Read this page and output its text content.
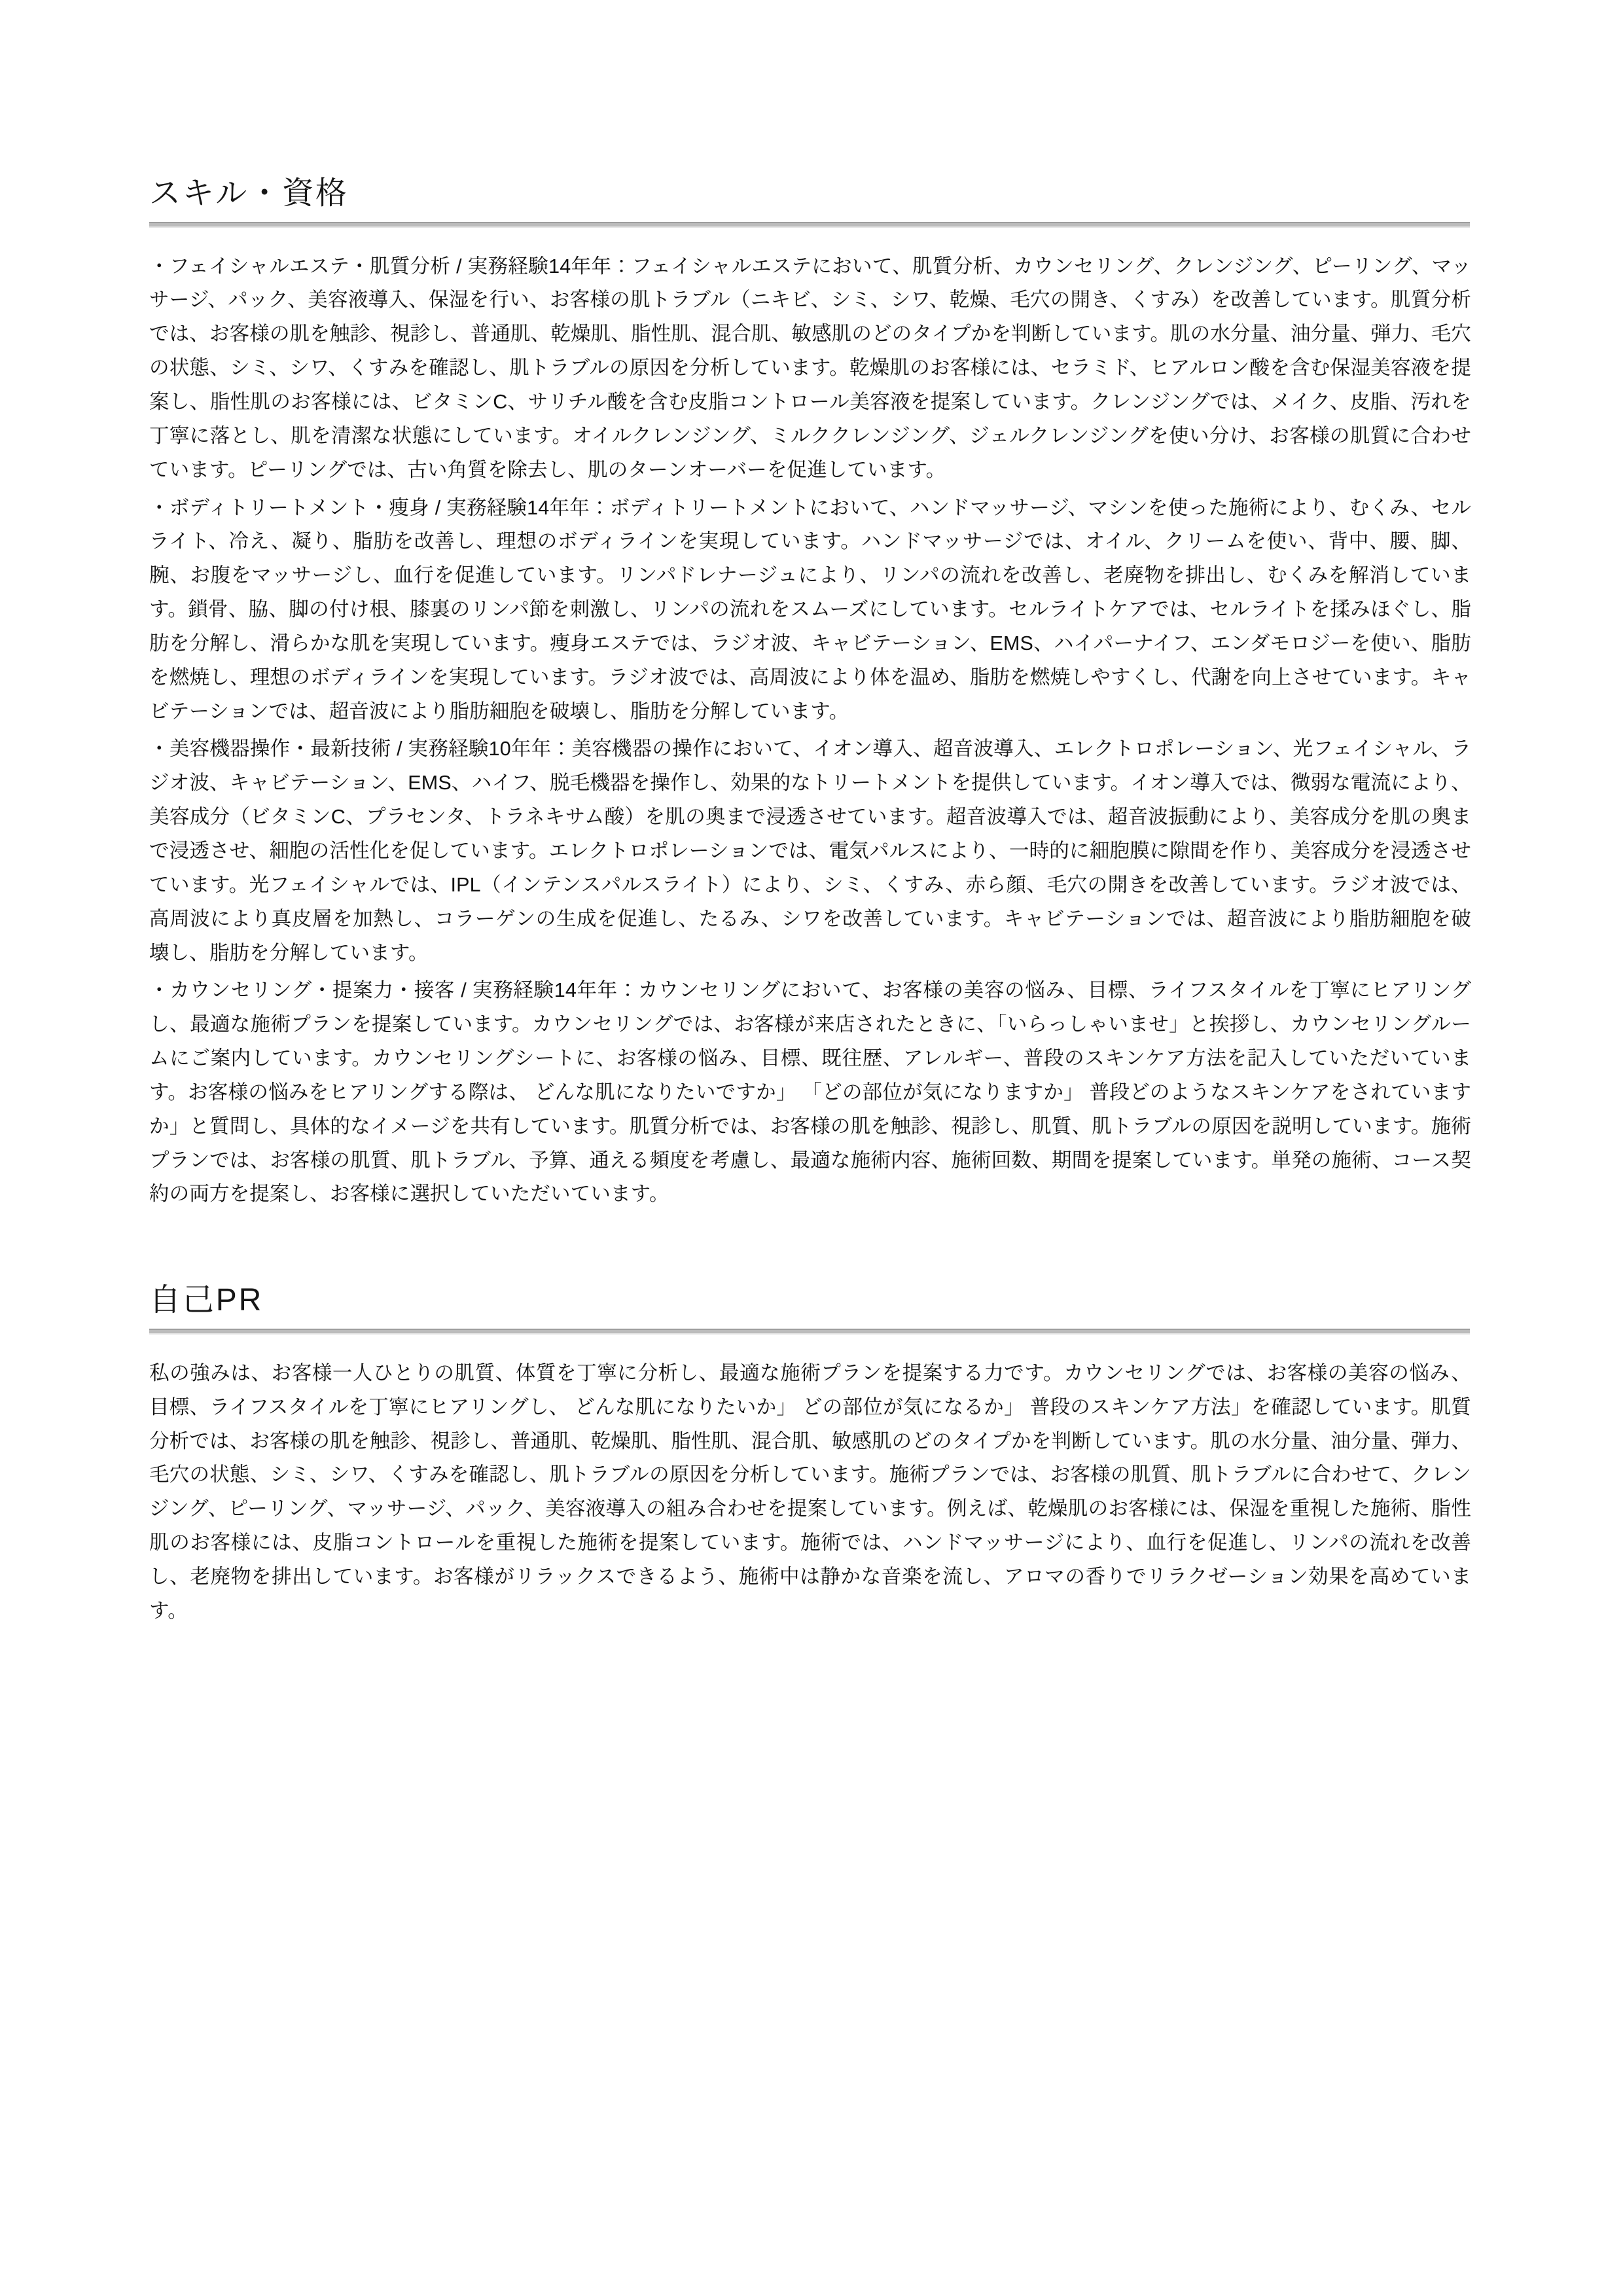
スキル・資格

・フェイシャルエステ・肌質分析 / 実務経験14年年：フェイシャルエステにおいて、肌質分析、カウンセリング、クレンジング、ピーリング、マッサージ、パック、美容液導入、保湿を行い、お客様の肌トラブル（ニキビ、シミ、シワ、乾燥、毛穴の開き、くすみ）を改善しています。肌質分析では、お客様の肌を触診、視診し、普通肌、乾燥肌、脂性肌、混合肌、敏感肌のどのタイプかを判断しています。肌の水分量、油分量、弾力、毛穴の状態、シミ、シワ、くすみを確認し、肌トラブルの原因を分析しています。乾燥肌のお客様には、セラミド、ヒアルロン酸を含む保湿美容液を提案し、脂性肌のお客様には、ビタミンC、サリチル酸を含む皮脂コントロール美容液を提案しています。クレンジングでは、メイク、皮脂、汚れを丁寧に落とし、肌を清潔な状態にしています。オイルクレンジング、ミルククレンジング、ジェルクレンジングを使い分け、お客様の肌質に合わせています。ピーリングでは、古い角質を除去し、肌のターンオーバーを促進しています。

・ボディトリートメント・痩身 / 実務経験14年年：ボディトリートメントにおいて、ハンドマッサージ、マシンを使った施術により、むくみ、セルライト、冷え、凝り、脂肪を改善し、理想のボディラインを実現しています。ハンドマッサージでは、オイル、クリームを使い、背中、腰、脚、腕、お腹をマッサージし、血行を促進しています。リンパドレナージュにより、リンパの流れを改善し、老廃物を排出し、むくみを解消しています。鎖骨、脇、脚の付け根、膝裏のリンパ節を刺激し、リンパの流れをスムーズにしています。セルライトケアでは、セルライトを揉みほぐし、脂肪を分解し、滑らかな肌を実現しています。痩身エステでは、ラジオ波、キャビテーション、EMS、ハイパーナイフ、エンダモロジーを使い、脂肪を燃焼し、理想のボディラインを実現しています。ラジオ波では、高周波により体を温め、脂肪を燃焼しやすくし、代謝を向上させています。キャビテーションでは、超音波により脂肪細胞を破壊し、脂肪を分解しています。

・美容機器操作・最新技術 / 実務経験10年年：美容機器の操作において、イオン導入、超音波導入、エレクトロポレーション、光フェイシャル、ラジオ波、キャビテーション、EMS、ハイフ、脱毛機器を操作し、効果的なトリートメントを提供しています。イオン導入では、微弱な電流により、美容成分（ビタミンC、プラセンタ、トラネキサム酸）を肌の奥まで浸透させています。超音波導入では、超音波振動により、美容成分を肌の奥まで浸透させ、細胞の活性化を促しています。エレクトロポレーションでは、電気パルスにより、一時的に細胞膜に隙間を作り、美容成分を浸透させています。光フェイシャルでは、IPL（インテンスパルスライト）により、シミ、くすみ、赤ら顔、毛穴の開きを改善しています。ラジオ波では、高周波により真皮層を加熱し、コラーゲンの生成を促進し、たるみ、シワを改善しています。キャビテーションでは、超音波により脂肪細胞を破壊し、脂肪を分解しています。

・カウンセリング・提案力・接客 / 実務経験14年年：カウンセリングにおいて、お客様の美容の悩み、目標、ライフスタイルを丁寧にヒアリングし、最適な施術プランを提案しています。カウンセリングでは、お客様が来店されたときに、「いらっしゃいませ」と挨拶し、カウンセリングルームにご案内しています。カウンセリングシートに、お客様の悩み、目標、既往歴、アレルギー、普段のスキンケア方法を記入していただいています。お客様の悩みをヒアリングする際は、 どんな肌になりたいですか」 「どの部位が気になりますか」 普段どのようなスキンケアをされていますか」と質問し、具体的なイメージを共有しています。肌質分析では、お客様の肌を触診、視診し、肌質、肌トラブルの原因を説明しています。施術プランでは、お客様の肌質、肌トラブル、予算、通える頻度を考慮し、最適な施術内容、施術回数、期間を提案しています。単発の施術、コース契約の両方を提案し、お客様に選択していただいています。

自己PR

私の強みは、お客様一人ひとりの肌質、体質を丁寧に分析し、最適な施術プランを提案する力です。カウンセリングでは、お客様の美容の悩み、目標、ライフスタイルを丁寧にヒアリングし、 どんな肌になりたいか」 どの部位が気になるか」 普段のスキンケア方法」を確認しています。肌質分析では、お客様の肌を触診、視診し、普通肌、乾燥肌、脂性肌、混合肌、敏感肌のどのタイプかを判断しています。肌の水分量、油分量、弾力、毛穴の状態、シミ、シワ、くすみを確認し、肌トラブルの原因を分析しています。施術プランでは、お客様の肌質、肌トラブルに合わせて、クレンジング、ピーリング、マッサージ、パック、美容液導入の組み合わせを提案しています。例えば、乾燥肌のお客様には、保湿を重視した施術、脂性肌のお客様には、皮脂コントロールを重視した施術を提案しています。施術では、ハンドマッサージにより、血行を促進し、リンパの流れを改善し、老廃物を排出しています。お客様がリラックスできるよう、施術中は静かな音楽を流し、アロマの香りでリラクゼーション効果を高めています。
